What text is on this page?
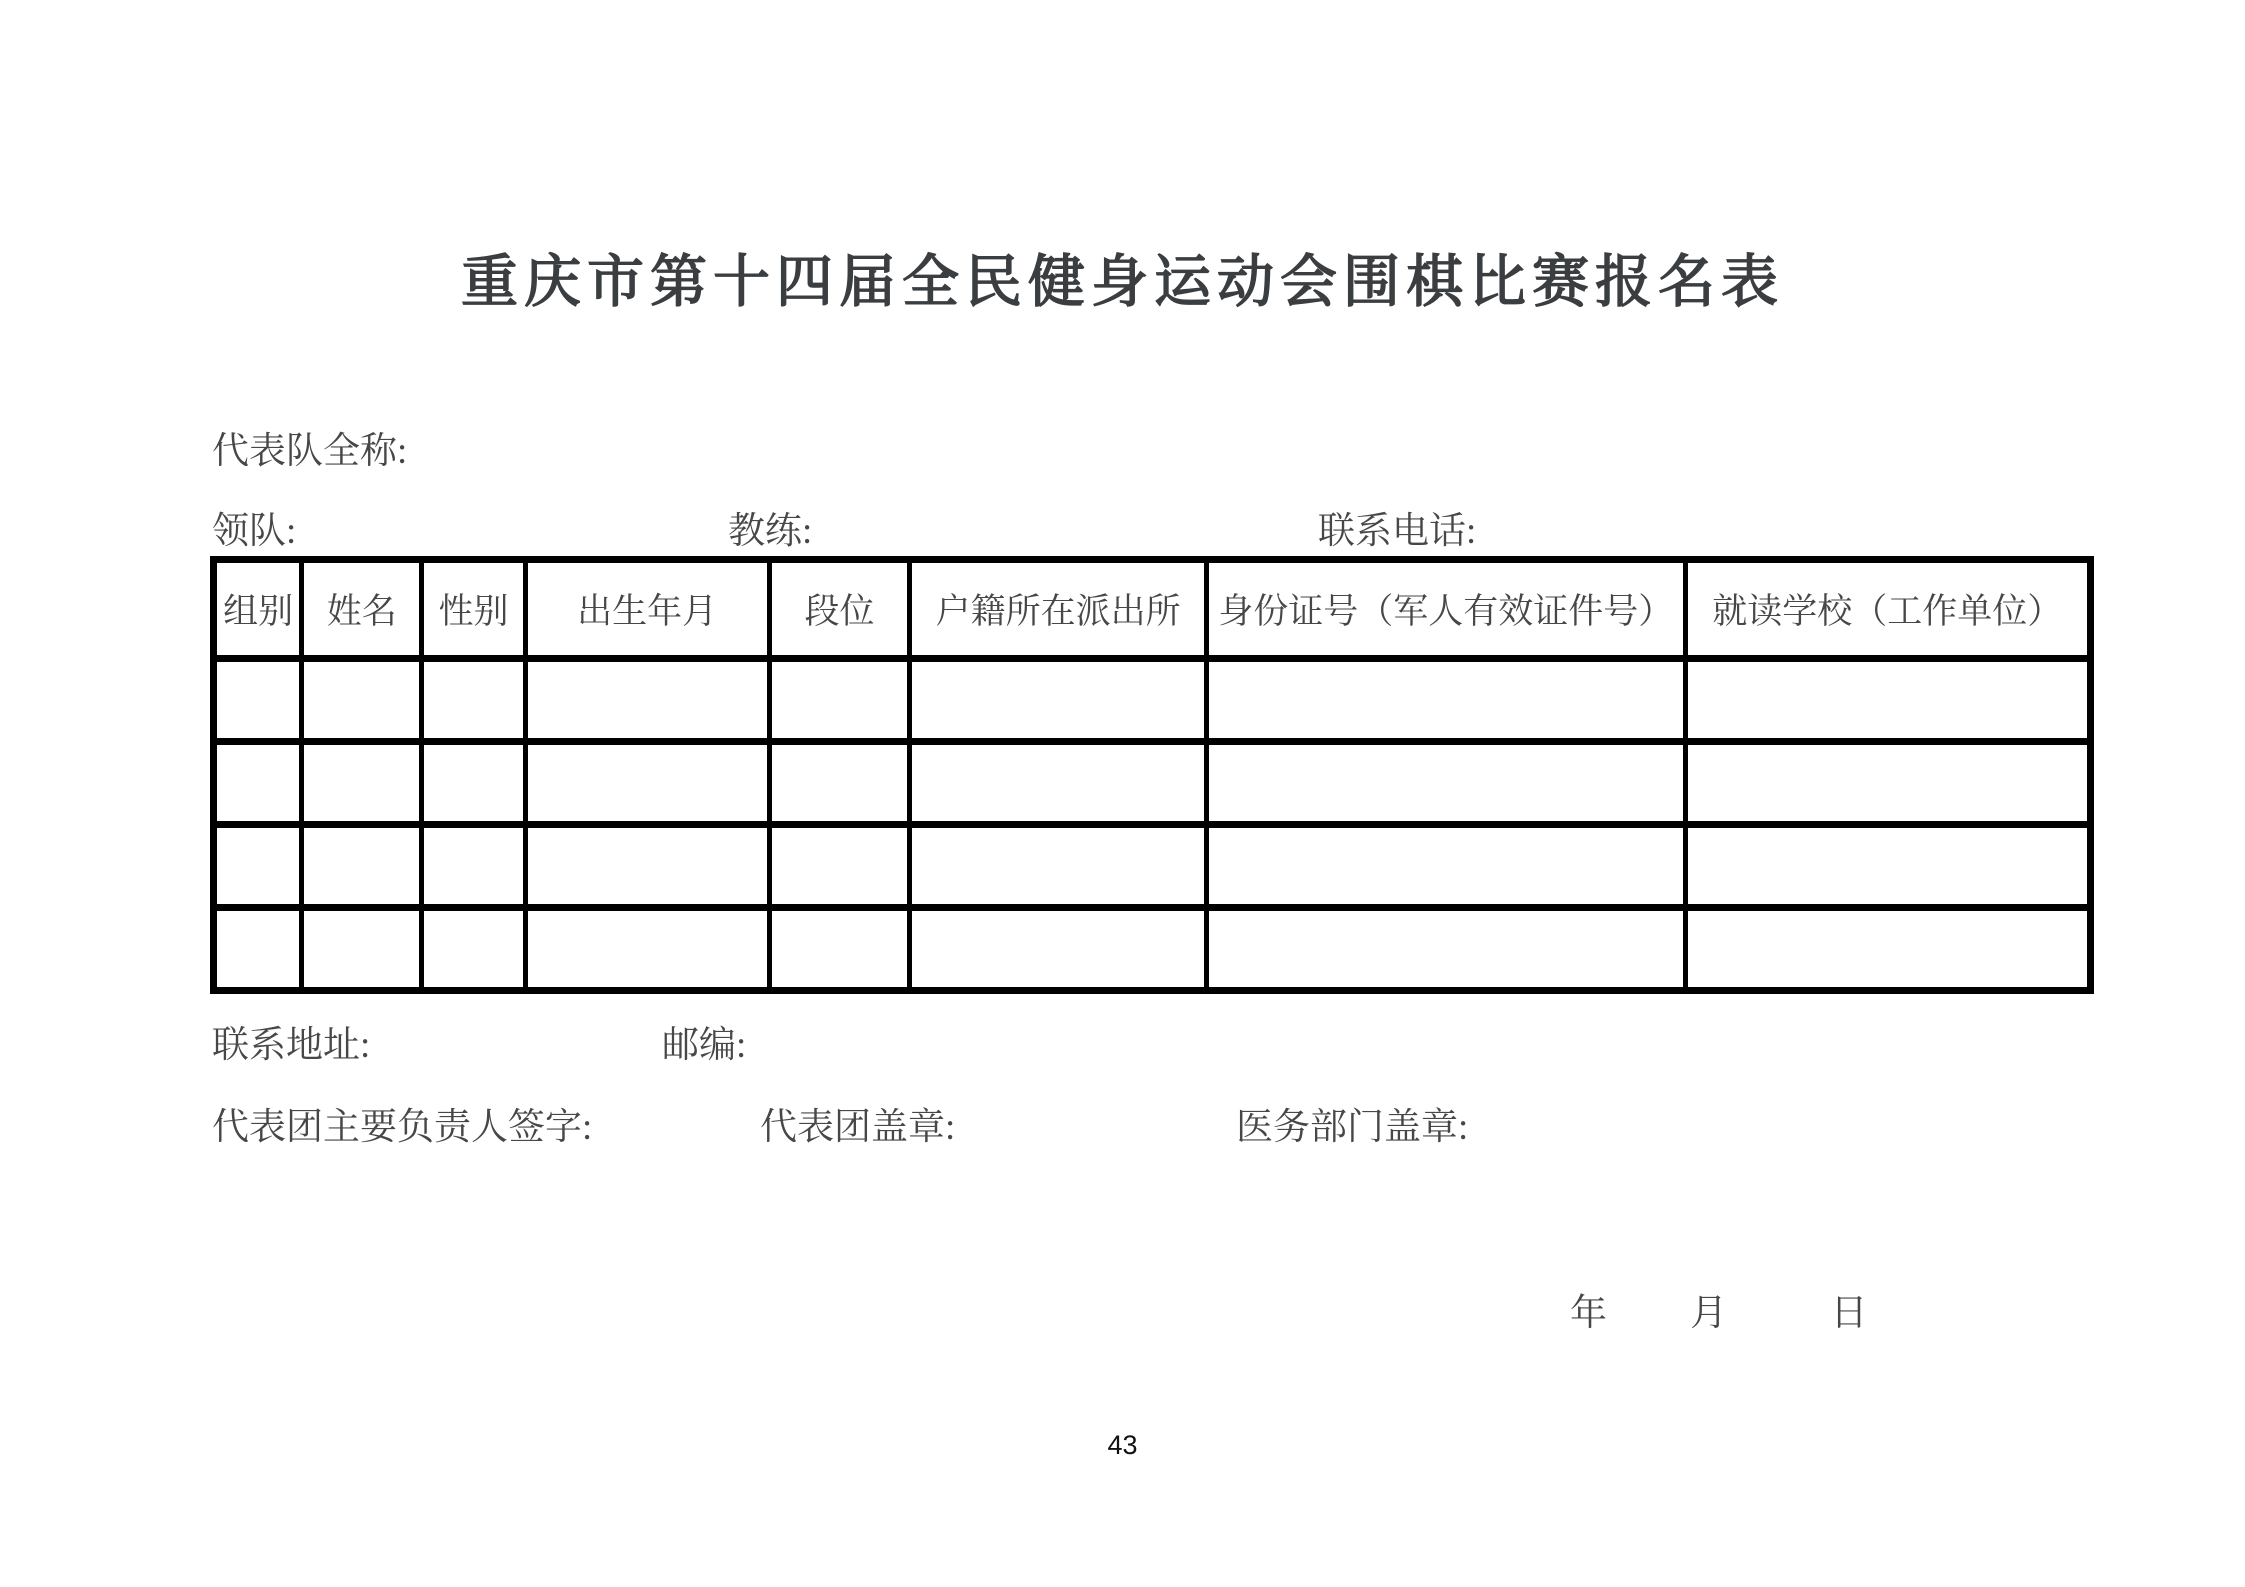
重庆市第十四届全民健身运动会围棋比赛报名表
代表队全称:
领队:	教练:	联系电话:
组别	姓名	性别	出生年月	段位	户籍所在派出所	身份证号（军人有效证件号）	就读学校（工作单位）

联系地址:	邮编:
代表团主要负责人签字:	代表团盖章:	医务部门盖章:
年 月	日
43
